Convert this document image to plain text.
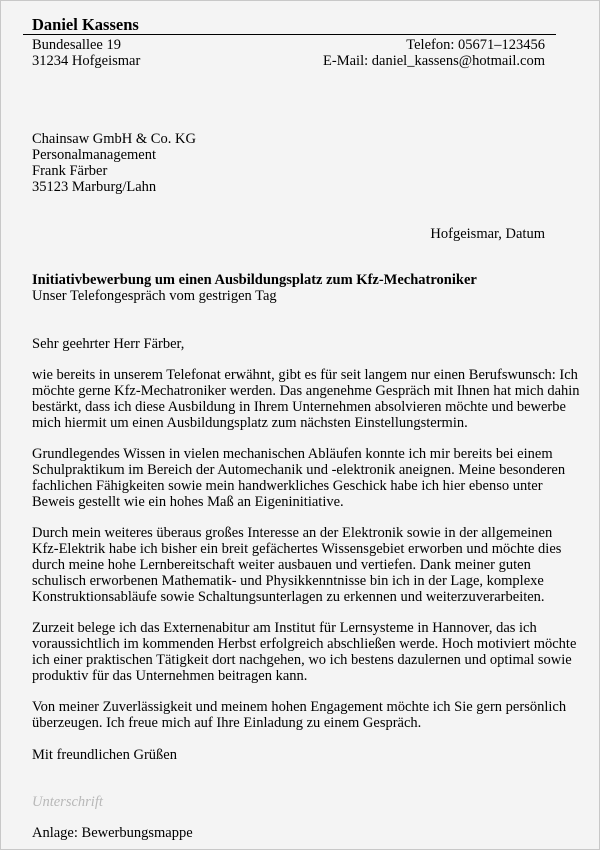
Daniel Kassens
Bundesallee 19
31234 Hofgeismar
Telefon: 05671–123456
E-Mail: daniel_kassens@hotmail.com
Chainsaw GmbH & Co. KG
Personalmanagement
Frank Färber
35123 Marburg/Lahn
Hofgeismar, Datum
Initiativbewerbung um einen Ausbildungsplatz zum Kfz-Mechatroniker
Unser Telefongespräch vom gestrigen Tag
Sehr geehrter Herr Färber,
wie bereits in unserem Telefonat erwähnt, gibt es für seit langem nur einen Berufswunsch: Ich
möchte gerne Kfz-Mechatroniker werden. Das angenehme Gespräch mit Ihnen hat mich dahin
bestärkt, dass ich diese Ausbildung in Ihrem Unternehmen absolvieren möchte und bewerbe
mich hiermit um einen Ausbildungsplatz zum nächsten Einstellungstermin.
Grundlegendes Wissen in vielen mechanischen Abläufen konnte ich mir bereits bei einem
Schulpraktikum im Bereich der Automechanik und -elektronik aneignen. Meine besonderen
fachlichen Fähigkeiten sowie mein handwerkliches Geschick habe ich hier ebenso unter
Beweis gestellt wie ein hohes Maß an Eigeninitiative.
Durch mein weiteres überaus großes Interesse an der Elektronik sowie in der allgemeinen
Kfz-Elektrik habe ich bisher ein breit gefächertes Wissensgebiet erworben und möchte dies
durch meine hohe Lernbereitschaft weiter ausbauen und vertiefen. Dank meiner guten
schulisch erworbenen Mathematik- und Physikkenntnisse bin ich in der Lage, komplexe
Konstruktionsabläufe sowie Schaltungsunterlagen zu erkennen und weiterzuverarbeiten.
Zurzeit belege ich das Externenabitur am Institut für Lernsysteme in Hannover, das ich
voraussichtlich im kommenden Herbst erfolgreich abschließen werde. Hoch motiviert möchte
ich einer praktischen Tätigkeit dort nachgehen, wo ich bestens dazulernen und optimal sowie
produktiv für das Unternehmen beitragen kann.
Von meiner Zuverlässigkeit und meinem hohen Engagement möchte ich Sie gern persönlich
überzeugen. Ich freue mich auf Ihre Einladung zu einem Gespräch.
Mit freundlichen Grüßen
Unterschrift
Anlage: Bewerbungsmappe
